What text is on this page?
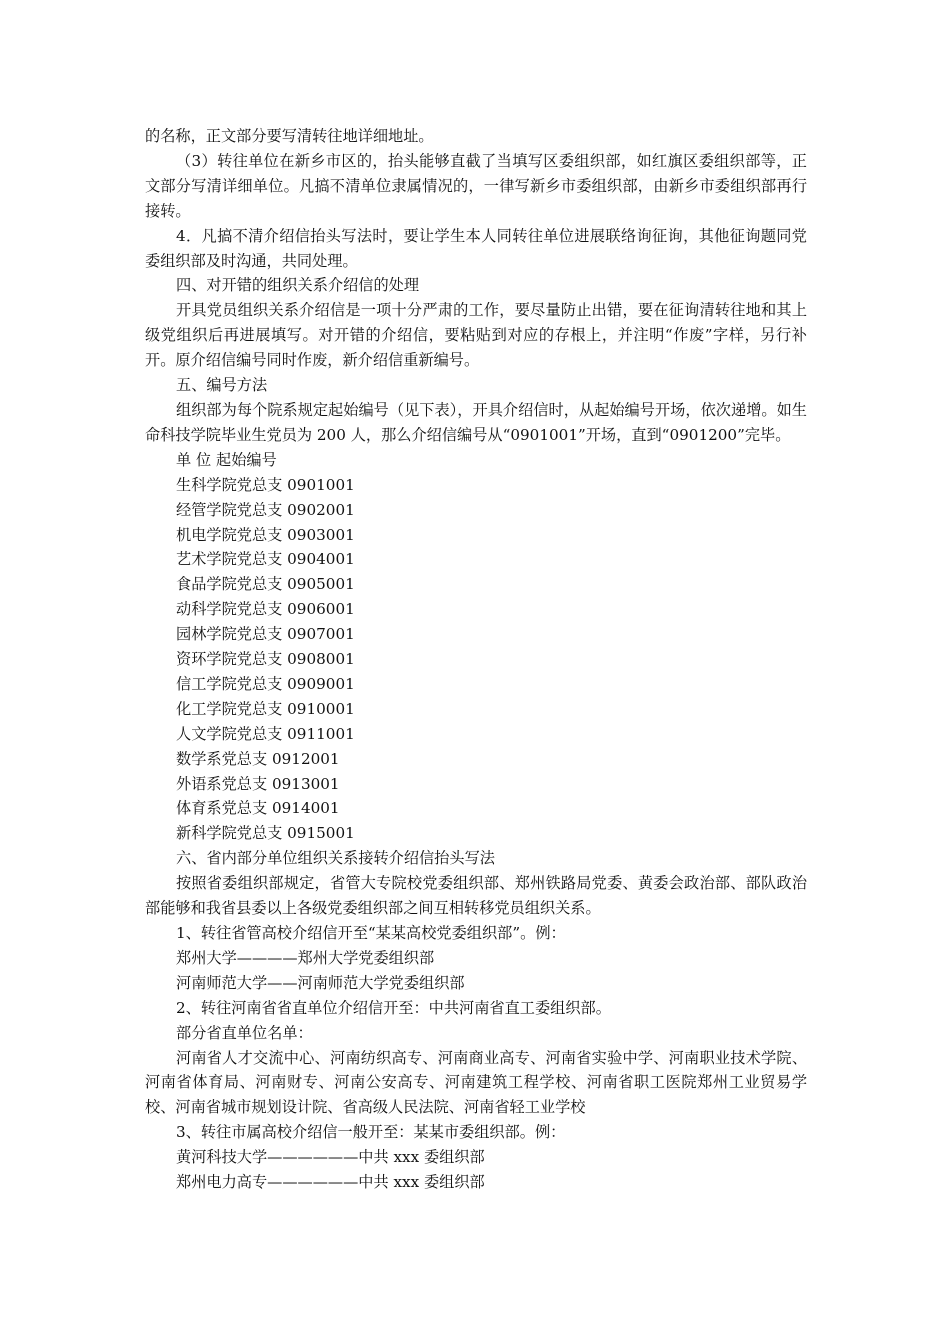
的名称，正文部分要写清转往地详细地址。

（3）转往单位在新乡市区的，抬头能够直截了当填写区委组织部，如红旗区委组织部等，正文部分写清详细单位。凡搞不清单位隶属情况的，一律写新乡市委组织部，由新乡市委组织部再行接转。

4．凡搞不清介绍信抬头写法时，要让学生本人同转往单位进展联络询征询，其他征询题同党委组织部及时沟通，共同处理。

四、对开错的组织关系介绍信的处理

开具党员组织关系介绍信是一项十分严肃的工作，要尽量防止出错，要在征询清转往地和其上级党组织后再进展填写。对开错的介绍信，要粘贴到对应的存根上，并注明“作废”字样，另行补开。原介绍信编号同时作废，新介绍信重新编号。

五、编号方法

组织部为每个院系规定起始编号（见下表），开具介绍信时，从起始编号开场，依次递增。如生命科技学院毕业生党员为 200 人，那么介绍信编号从“0901001”开场，直到“0901200”完毕。

单 位 起始编号

生科学院党总支 0901001

经管学院党总支 0902001

机电学院党总支 0903001

艺术学院党总支 0904001

食品学院党总支 0905001

动科学院党总支 0906001

园林学院党总支 0907001

资环学院党总支 0908001

信工学院党总支 0909001

化工学院党总支 0910001

人文学院党总支 0911001

数学系党总支 0912001

外语系党总支 0913001

体育系党总支 0914001

新科学院党总支 0915001

六、省内部分单位组织关系接转介绍信抬头写法

按照省委组织部规定，省管大专院校党委组织部、郑州铁路局党委、黄委会政治部、部队政治部能够和我省县委以上各级党委组织部之间互相转移党员组织关系。

1、转往省管高校介绍信开至“某某高校党委组织部”。例：

郑州大学————郑州大学党委组织部

河南师范大学——河南师范大学党委组织部

2、转往河南省省直单位介绍信开至：中共河南省直工委组织部。

部分省直单位名单：

河南省人才交流中心、河南纺织高专、河南商业高专、河南省实验中学、河南职业技术学院、河南省体育局、河南财专、河南公安高专、河南建筑工程学校、河南省职工医院郑州工业贸易学校、河南省城市规划设计院、省高级人民法院、河南省轻工业学校

3、转往市属高校介绍信一般开至：某某市委组织部。例：

黄河科技大学——————中共 xxx 委组织部

郑州电力高专——————中共 xxx 委组织部
